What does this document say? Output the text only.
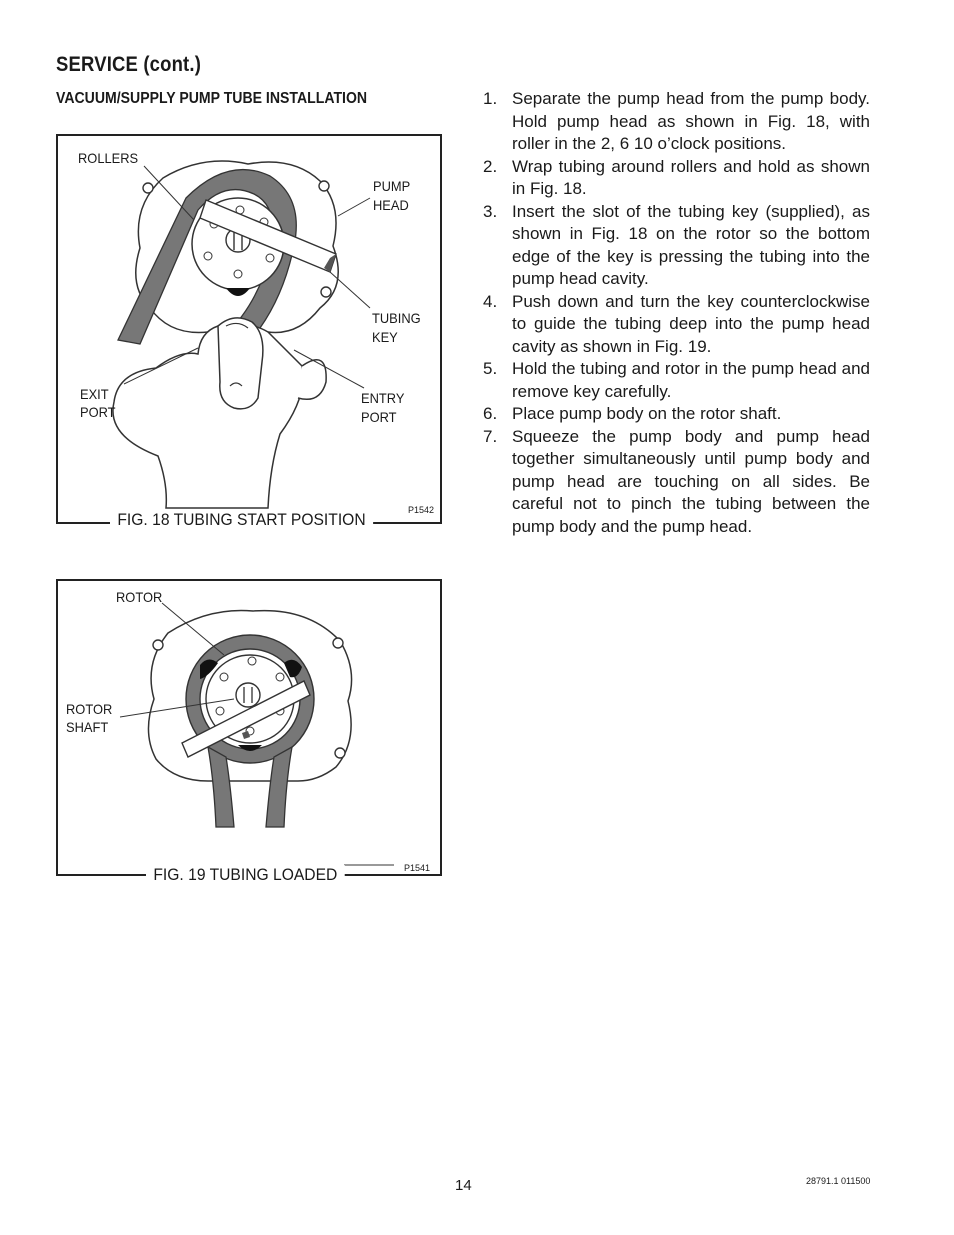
SERVICE (cont.)
VACUUM/SUPPLY PUMP TUBE INSTALLATION
ROLLERS
PUMP
HEAD
TUBING
KEY
EXIT
PORT
ENTRY
PORT
P1542
FIG. 18 TUBING START POSITION
ROTOR
ROTOR
SHAFT
P1541
FIG. 19 TUBING LOADED
1. Separate the pump head from the pump body. Hold pump head as shown in Fig. 18, with roller in the 2, 6 10 o’clock positions.
2. Wrap tubing around rollers and hold as shown in Fig. 18.
3. Insert the slot of the tubing key (supplied), as shown in Fig. 18 on the rotor so the bottom edge of the key is pressing the tubing into the pump head cavity.
4. Push down and turn the key counterclockwise to guide the tubing deep into the pump head cavity as shown in Fig. 19.
5. Hold the tubing and rotor in the pump head and remove key carefully.
6. Place pump body on the rotor shaft.
7. Squeeze the pump body and pump head together simultaneously until pump body and pump head are touching on all sides. Be careful not to pinch the tubing between the pump body and the pump head.
14	28791.1 011500
